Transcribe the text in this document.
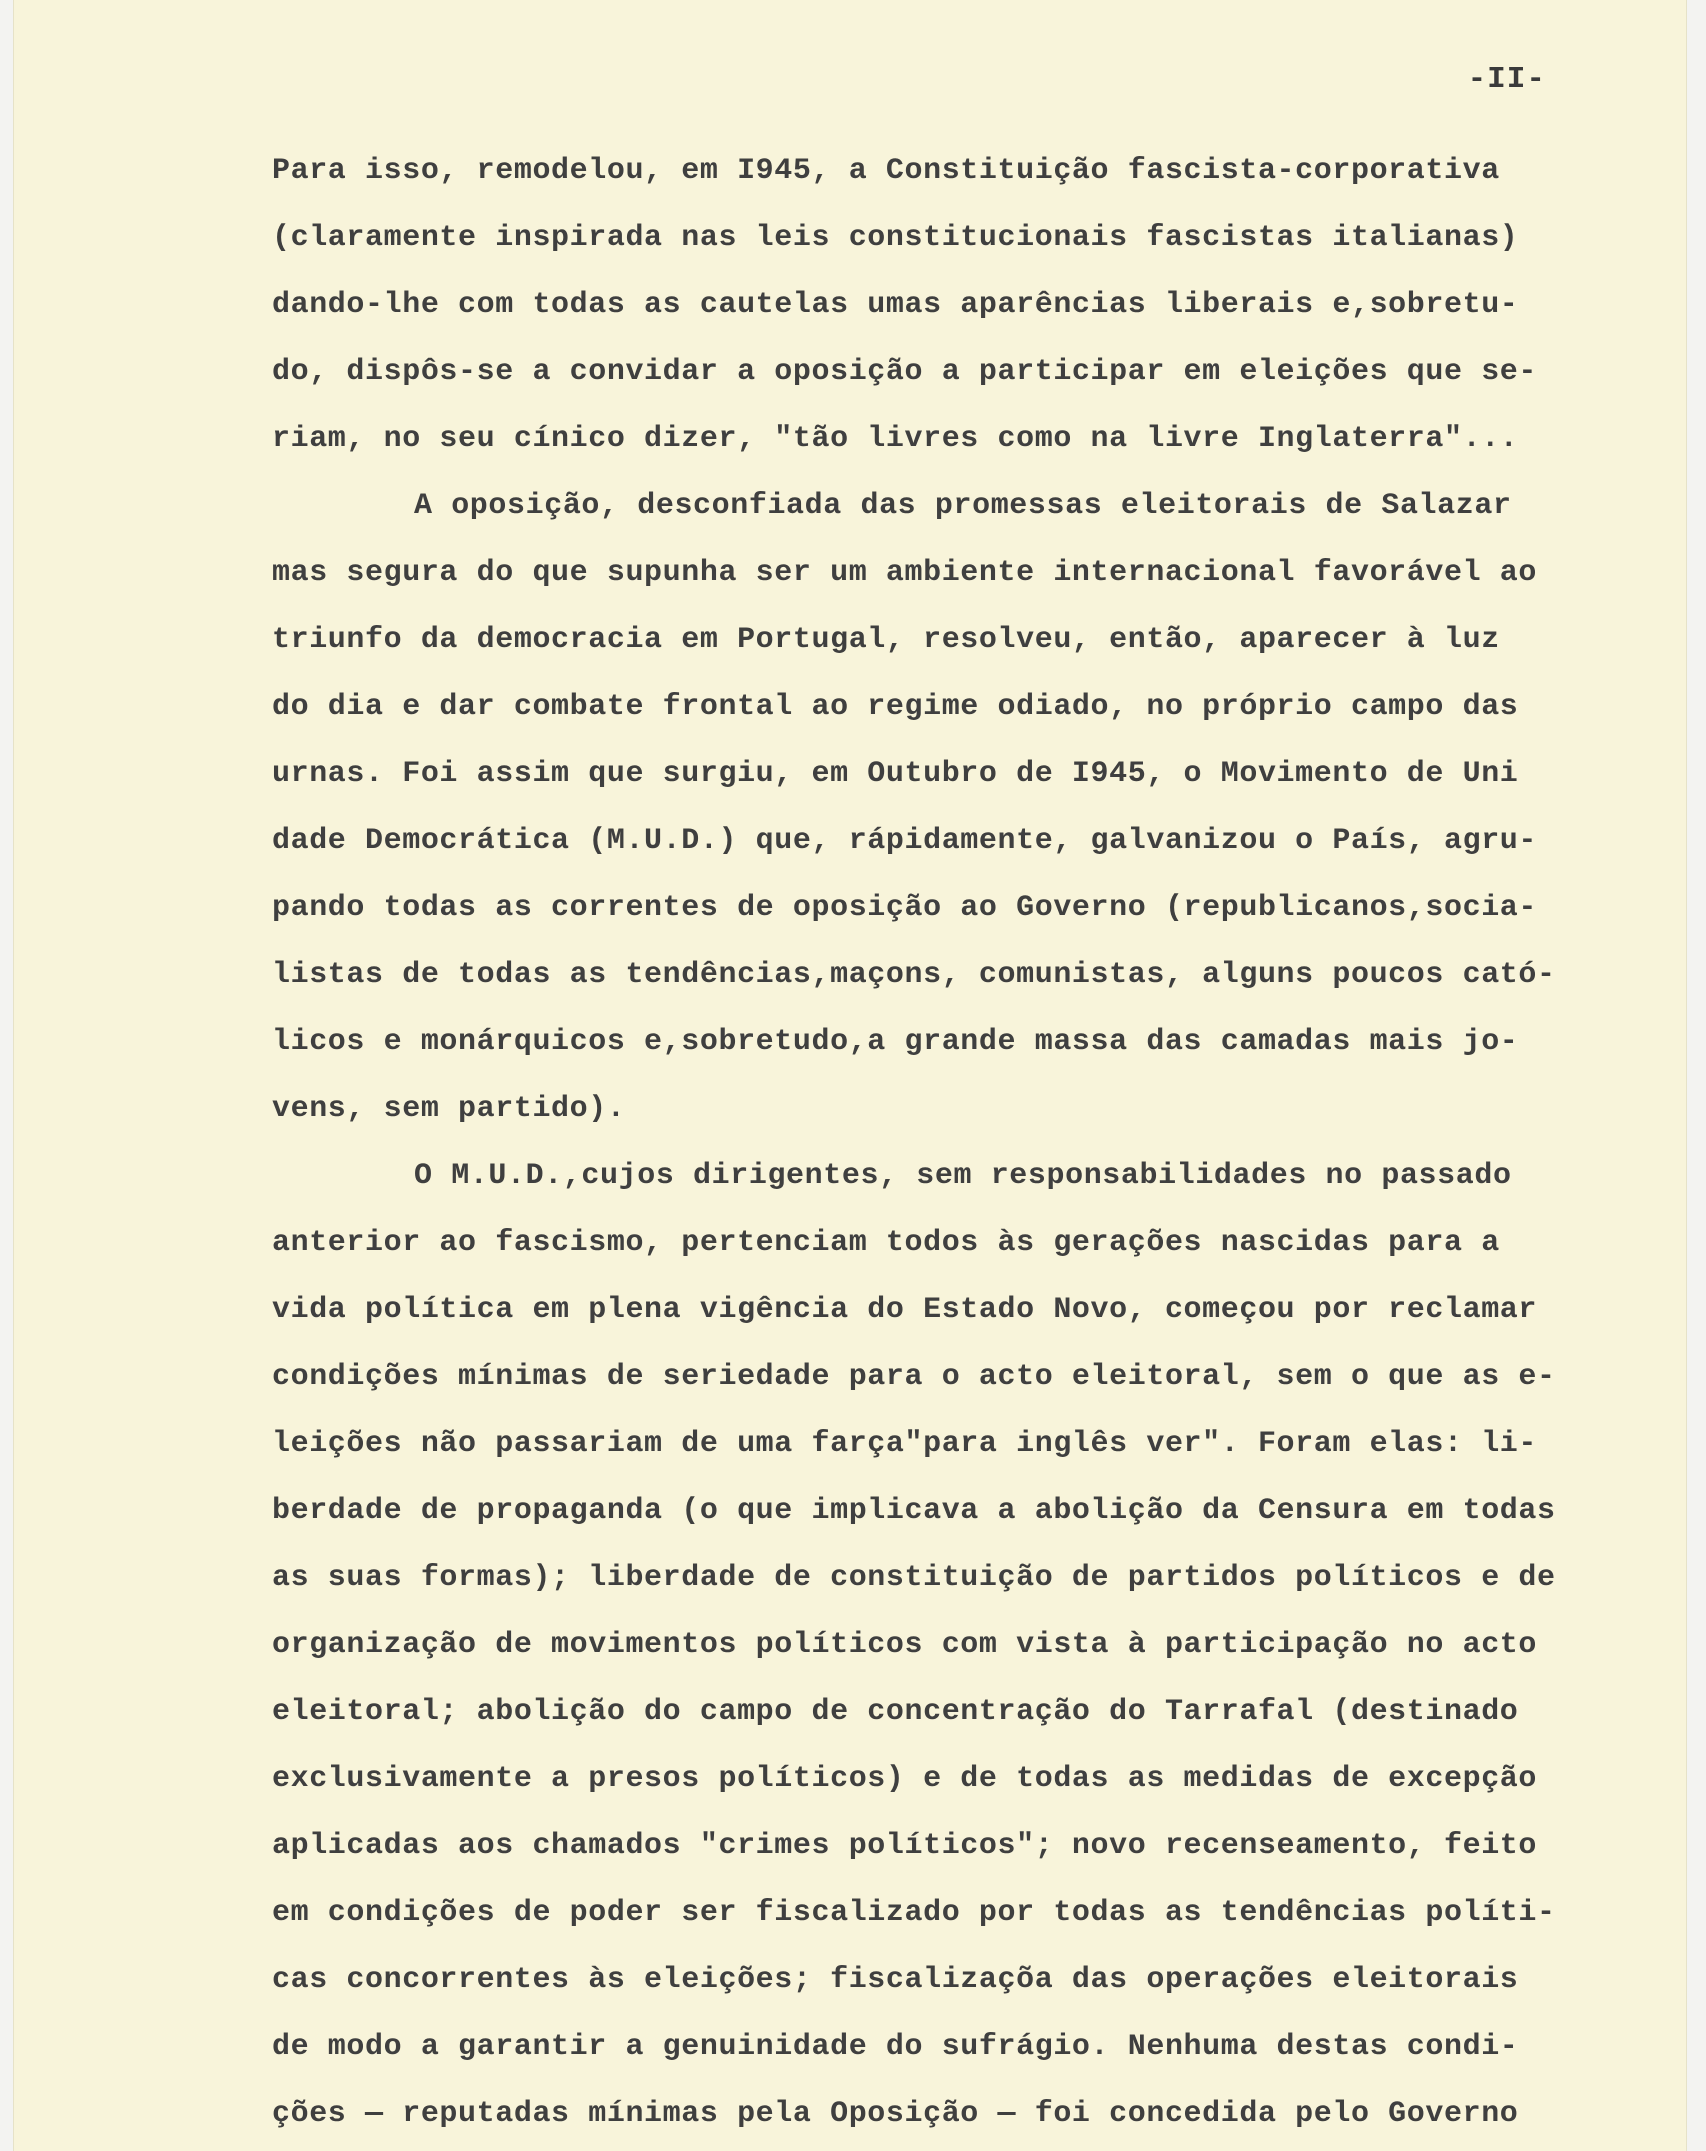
-II-
Para isso, remodelou, em I945, a Constituição fascista-corporativa
(claramente inspirada nas leis constitucionais fascistas italianas)
dando-lhe com todas as cautelas umas aparências liberais e,sobretu-
do, dispôs-se a convidar a oposição a participar em eleições que se-
riam, no seu cínico dizer, "tão livres como na livre Inglaterra"...
A oposição, desconfiada das promessas eleitorais de Salazar
mas segura do que supunha ser um ambiente internacional favorável ao
triunfo da democracia em Portugal, resolveu, então, aparecer à luz
do dia e dar combate frontal ao regime odiado, no próprio campo das
urnas. Foi assim que surgiu, em Outubro de I945, o Movimento de Uni
dade Democrática (M.U.D.) que, rápidamente, galvanizou o País, agru-
pando todas as correntes de oposição ao Governo (republicanos,socia-
listas de todas as tendências,maçons, comunistas, alguns poucos cató-
licos e monárquicos e,sobretudo,a grande massa das camadas mais jo-
vens, sem partido).
O M.U.D.,cujos dirigentes, sem responsabilidades no passado
anterior ao fascismo, pertenciam todos às gerações nascidas para a
vida política em plena vigência do Estado Novo, começou por reclamar
condições mínimas de seriedade para o acto eleitoral, sem o que as e-
leições não passariam de uma farça"para inglês ver". Foram elas: li-
berdade de propaganda (o que implicava a abolição da Censura em todas
as suas formas); liberdade de constituição de partidos políticos e de
organização de movimentos políticos com vista à participação no acto
eleitoral; abolição do campo de concentração do Tarrafal (destinado
exclusivamente a presos políticos) e de todas as medidas de excepção
aplicadas aos chamados "crimes políticos"; novo recenseamento, feito
em condições de poder ser fiscalizado por todas as tendências políti-
cas concorrentes às eleições; fiscalizaçõa das operações eleitorais
de modo a garantir a genuinidade do sufrágio. Nenhuma destas condi-
ções — reputadas mínimas pela Oposição — foi concedida pelo Governo
